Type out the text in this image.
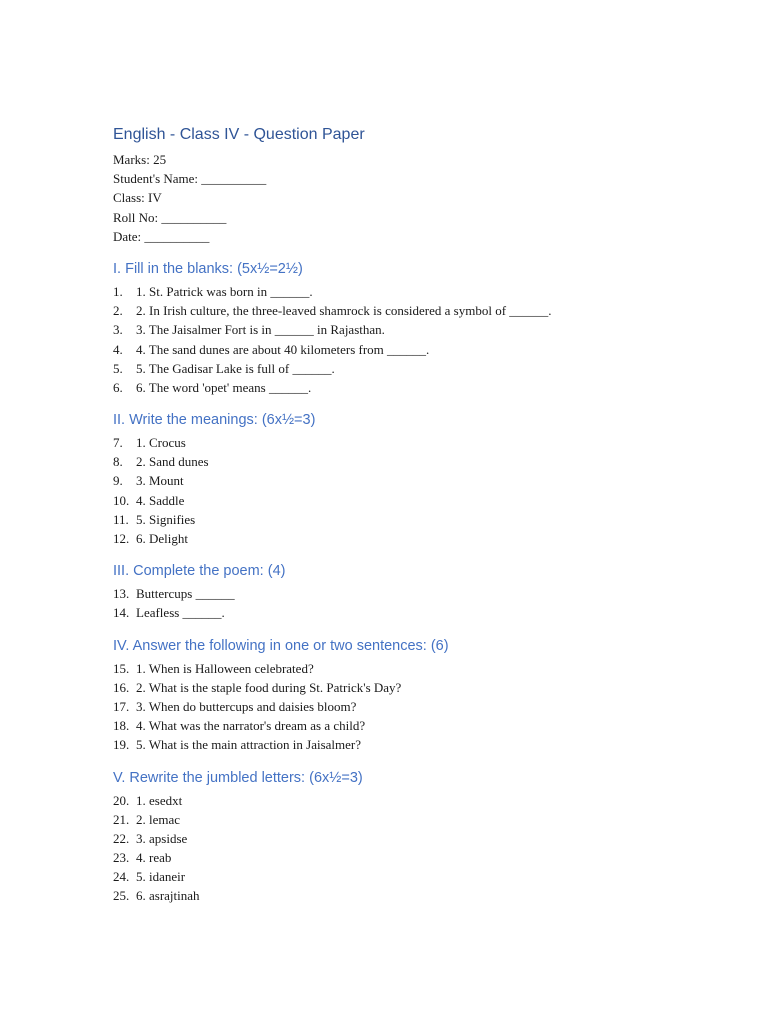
English - Class IV - Question Paper
Marks: 25
Student's Name: __________
Class: IV
Roll No: __________
Date: __________
I. Fill in the blanks: (5x½=2½)
1.	1. St. Patrick was born in ______.
2.	2. In Irish culture, the three-leaved shamrock is considered a symbol of ______.
3.	3. The Jaisalmer Fort is in ______ in Rajasthan.
4.	4. The sand dunes are about 40 kilometers from ______.
5.	5. The Gadisar Lake is full of ______.
6.	6. The word 'opet' means ______.
II. Write the meanings: (6x½=3)
7.	1. Crocus
8.	2. Sand dunes
9.	3. Mount
10. 4. Saddle
11. 5. Signifies
12. 6. Delight
III. Complete the poem: (4)
13. Buttercups ______
14. Leafless ______.
IV. Answer the following in one or two sentences: (6)
15. 1. When is Halloween celebrated?
16. 2. What is the staple food during St. Patrick's Day?
17. 3. When do buttercups and daisies bloom?
18. 4. What was the narrator's dream as a child?
19. 5. What is the main attraction in Jaisalmer?
V. Rewrite the jumbled letters: (6x½=3)
20. 1. esedxt
21. 2. lemac
22. 3. apsidse
23. 4. reab
24. 5. idaneir
25. 6. asrajtinah
